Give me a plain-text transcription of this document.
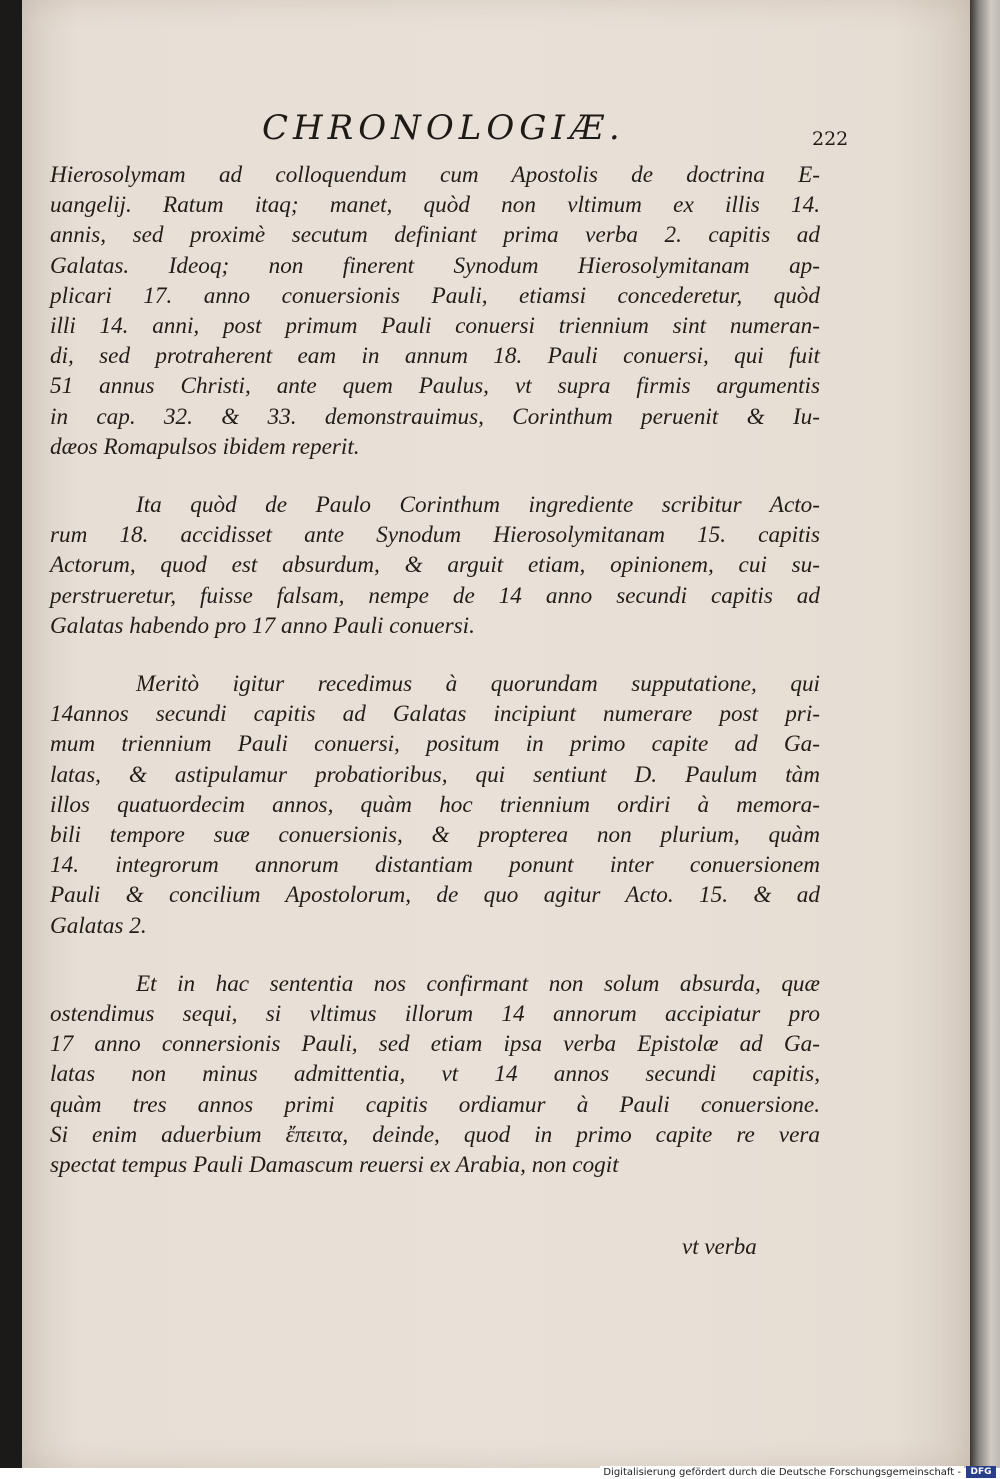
CHRONOLOGIÆ.	222
Hierosolymam ad colloquendum cum Apostolis de doctrina E-
uangelij. Ratum itaq; manet, quòd non vltimum ex illis 14.
annis, sed proximè secutum definiant prima verba 2. capitis ad
Galatas. Ideoq; non finerent Synodum Hierosolymitanam ap-
plicari 17. anno conuersionis Pauli, etiamsi concederetur, quòd
illi 14. anni, post primum Pauli conuersi triennium sint numeran-
di, sed protraherent eam in annum 18. Pauli conuersi, qui fuit
51 annus Christi, ante quem Paulus, vt supra firmis argumentis
in cap. 32. & 33. demonstrauimus, Corinthum peruenit & Iu-
dæos Romapulsos ibidem reperit.
Ita quòd de Paulo Corinthum ingrediente scribitur Acto-
rum 18. accidisset ante Synodum Hierosolymitanam 15. capitis
Actorum, quod est absurdum, & arguit etiam, opinionem, cui su-
perstrueretur, fuisse falsam, nempe de 14 anno secundi capitis ad
Galatas habendo pro 17 anno Pauli conuersi.
Meritò igitur recedimus à quorundam supputatione, qui
14annos secundi capitis ad Galatas incipiunt numerare post pri-
mum triennium Pauli conuersi, positum in primo capite ad Ga-
latas, & astipulamur probatioribus, qui sentiunt D. Paulum tàm
illos quatuordecim annos, quàm hoc triennium ordiri à memora-
bili tempore suæ conuersionis, & propterea non plurium, quàm
14. integrorum annorum distantiam ponunt inter conuersionem
Pauli & concilium Apostolorum, de quo agitur Acto. 15. & ad
Galatas 2.
Et in hac sententia nos confirmant non solum absurda, quæ
ostendimus sequi, si vltimus illorum 14 annorum accipiatur pro
17 anno connersionis Pauli, sed etiam ipsa verba Epistolæ ad Ga-
latas non minus admittentia, vt 14 annos secundi capitis,
quàm tres annos primi capitis ordiamur à Pauli conuersione.
Si enim aduerbium ἔπειτα, deinde, quod in primo capite re vera
spectat tempus Pauli Damascum reuersi ex Arabia, non cogit
vt verba
Digitalisierung gefördert durch die Deutsche Forschungsgemeinschaft -	DFG
